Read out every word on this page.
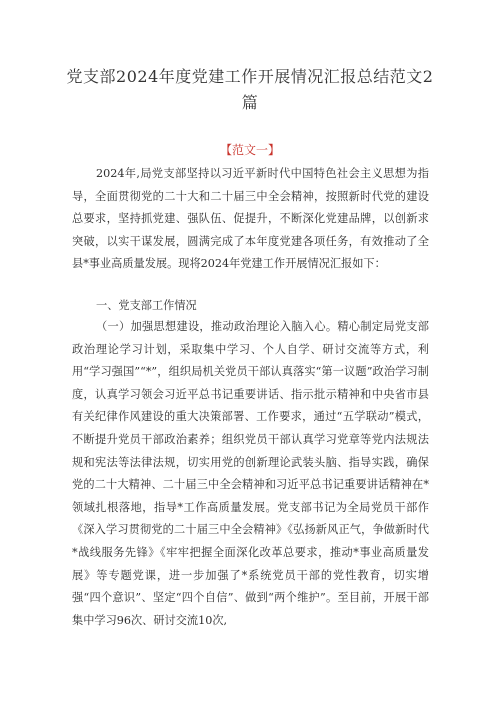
党支部2024年度党建工作开展情况汇报总结范文2篇
【范文一】
2024年,局党支部坚持以习近平新时代中国特色社会主义思想为指导，全面贯彻党的二十大和二十届三中全会精神，按照新时代党的建设总要求，坚持抓党建、强队伍、促提升，不断深化党建品牌，以创新求突破，以实干谋发展，圆满完成了本年度党建各项任务，有效推动了全县*事业高质量发展。现将2024年党建工作开展情况汇报如下：
一、党支部工作情况
（一）加强思想建设，推动政治理论入脑入心。精心制定局党支部政治理论学习计划，采取集中学习、个人自学、研讨交流等方式，利用“学习强国”“*”，组织局机关党员干部认真落实“第一议题”政治学习制度，认真学习领会习近平总书记重要讲话、指示批示精神和中央省市县有关纪律作风建设的重大决策部署、工作要求，通过“五学联动”模式，不断提升党员干部政治素养；组织党员干部认真学习党章等党内法规法规和宪法等法律法规，切实用党的创新理论武装头脑、指导实践，确保党的二十大精神、二十届三中全会精神和习近平总书记重要讲话精神在*领域扎根落地，指导*工作高质量发展。党支部书记为全局党员干部作《深入学习贯彻党的二十届三中全会精神》《弘扬新风正气，争做新时代*战线服务先锋》《牢牢把握全面深化改革总要求，推动*事业高质量发展》等专题党课，进一步加强了*系统党员干部的党性教育，切实增强“四个意识”、坚定“四个自信”、做到“两个维护”。至目前，开展干部集中学习96次、研讨交流10次,
